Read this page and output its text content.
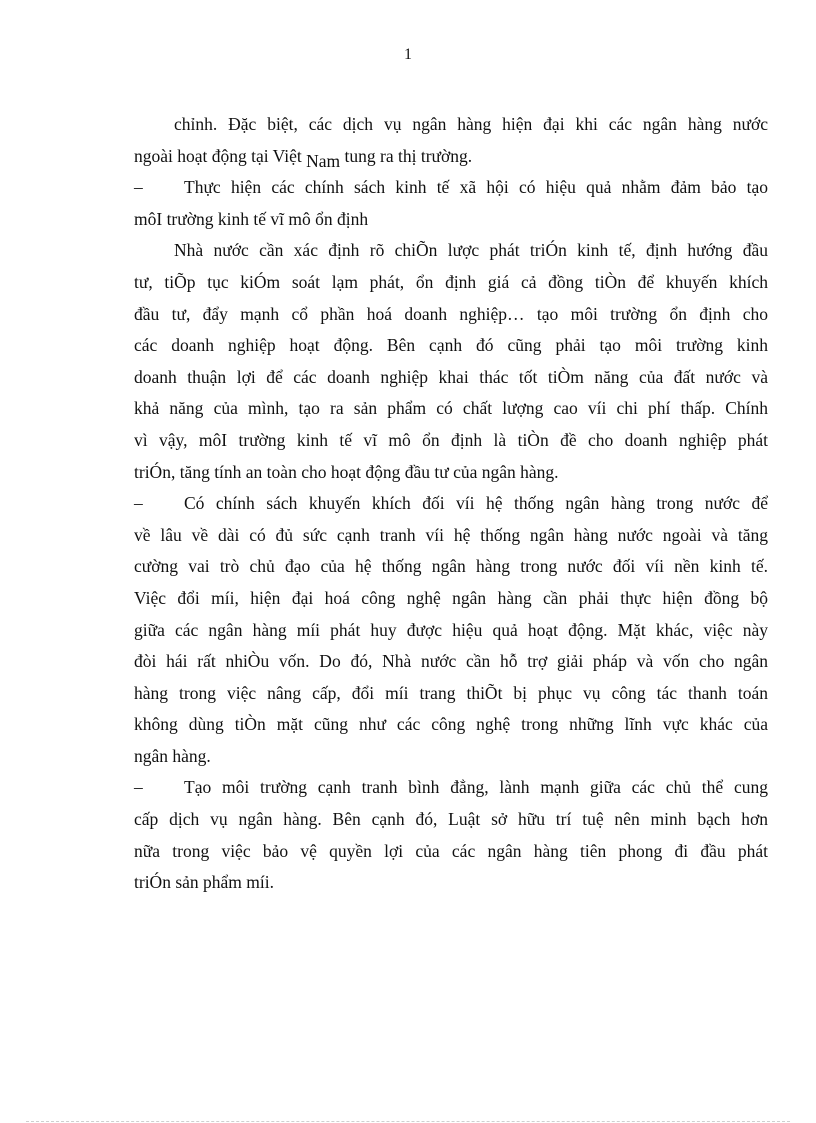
1
chỉnh. Đặc biệt, các dịch vụ ngân hàng hiện đại khi các ngân hàng nước
ngoài hoạt động tại Việt Nam tung ra thị trường.
– Thực hiện các chính sách kinh tế xã hội có hiệu quả nhằm đảm bảo tạo
môI trường kinh tế vĩ mô ổn định
Nhà nước cần xác định rõ chiÕn lược phát triÓn kinh tế, định hướng đầu
tư, tiÕp tục kiÓm soát lạm phát, ổn định giá cả đồng tiÒn để khuyến khích
đầu tư, đẩy mạnh cổ phần hoá doanh nghiệp… tạo môi trường ổn định cho
các doanh nghiệp hoạt động. Bên cạnh đó cũng phải tạo môi trường kinh
doanh thuận lợi để các doanh nghiệp khai thác tốt tiÒm năng của đất nước và
khả năng của mình, tạo ra sản phẩm có chất lượng cao víi chi phí thấp. Chính
vì vậy, môI trường kinh tế vĩ mô ổn định là tiÒn đề cho doanh nghiệp phát
triÓn, tăng tính an toàn cho hoạt động đầu tư của ngân hàng.
– Có chính sách khuyến khích đối víi hệ thống ngân hàng trong nước để
về lâu về dài có đủ sức cạnh tranh víi hệ thống ngân hàng nước ngoài và tăng
cường vai trò chủ đạo của hệ thống ngân hàng trong nước đối víi nền kinh tế.
Việc đổi míi, hiện đại hoá công nghệ ngân hàng cần phải thực hiện đồng bộ
giữa các ngân hàng míi phát huy được hiệu quả hoạt động. Mặt khác, việc này
đòi hái rất nhiÒu vốn. Do đó, Nhà nước cần hỗ trợ giải pháp và vốn cho ngân
hàng trong việc nâng cấp, đổi míi trang thiÕt bị phục vụ công tác thanh toán
không dùng tiÒn mặt cũng như các công nghệ trong những lĩnh vực khác của
ngân hàng.
– Tạo môi trường cạnh tranh bình đẳng, lành mạnh giữa các chủ thể cung
cấp dịch vụ ngân hàng. Bên cạnh đó, Luật sở hữu trí tuệ nên minh bạch hơn
nữa trong việc bảo vệ quyền lợi của các ngân hàng tiên phong đi đầu phát
triÓn sản phẩm míi.
